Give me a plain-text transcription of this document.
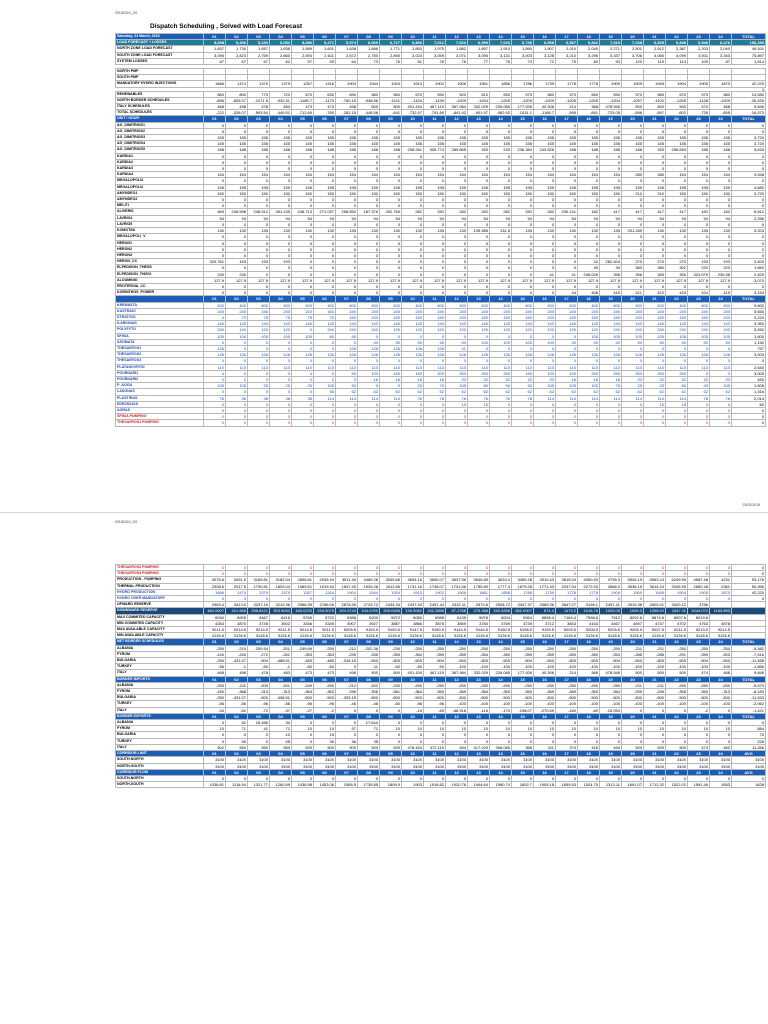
20180324_DS
Dispatch Scheduling , Solved with Load Forecast
Saturday, 24 March, 2018	01	02	03	04	05	06	07	08	09	10	11	12	13	14	15	16	17	18	19	20	21	22	23	24	TOTAL
LOAD FORECAST + LOSSES	5,698	5,406	5,153	5,052	5,080	5,271	5,574	6,009	6,727	6,850	7,012	7,020	6,999	7,026	6,736	6,598	6,567	6,842	7,015	7,238	6,925	6,848	6,548	6,476	156,289
NORTH ZONE LOAD FORECAST	1,837	1,730	1,657	1,636	1,589	1,601	1,638	1,686	1,771	1,853	1,975	1,882	1,897	1,910	1,890	1,907	2,010	2,045	2,271	2,501	2,512	2,387	2,203	2,040	46,511
SOUTH ZONE LOAD FORECAST	3,095	2,823	2,769	2,660	2,593	2,611	2,672	2,750	2,890	3,023	3,059	3,071	3,095	3,131	3,003	3,128	3,210	3,295	3,337	3,706	4,080	4,099	3,911	3,343	75,897
SYSTEM LOSSES	67	67	67	62	57	59	64	73	76	81	78	76	77	76	73	72	75	80	93	120	119	114	100	87	1,914

NORTH PMP																									
SOUTH PMP																									
MANDATORY HYDRO INJECTIONS	1666	1474	1379	1379	1267	1316	1904	1944	1924	1913	1902	1906	1961	1856	1786	1739	1778	1778	1909	1909	1949	1904	1905	1870	42,220
																									0
RENEWABLES	860	800	770	720	670	630	690	580	560	570	550	520	510	550	570	580	570	560	550	570	580	570	570	580	14,580
NORTH BORDER SCHEDULES	-896	-826.07	-1071.5	-932.51	-1185.7	-1170	-760.15	-948.56	-1141	-1104	-1199	-1209	-1204	-1209	-1209	-1209	-1209	-1209	-1204	-1097	-1102	-1209	-1128	-1209	-26,420
ITALY SCHEDULES	468	498	478	483	473	473	498	500	500	401.434	467.119	367.984	332.029	226.085	177.926	40.306	214	368	478.946	500	500	500	474	468	9,846
TOTAL SCHEDULES	-222	-328.07	-593.54	-449.51	-712.69	-765	-262.15	-448.56	-641	-732.57	-791.89	-841.92	-901.97	-982.92	-1031.1	-1168.7	-995	-841	-725.05	-596	-597	-602	-735	-655	-16,573
UNIT / HOUR	01	02	03	04	05	06	07	08	09	10	11	12	13	14	15	16	17	18	19	20	21	22	23	24	TOTAL
AG_DIMITRIOS1	0	0	0	0	0	0	0	0	0	0	0	0	0	0	0	0	0	0	0	0	0	0	0	0	0
AG_DIMITRIOS2	0	0	0	0	0	0	0	0	0	0	0	0	0	0	0	0	0	0	0	0	0	0	0	0	0
AG_DIMITRIOS3	155	155	155	155	155	155	155	155	155	155	155	155	155	155	155	155	155	155	155	155	155	155	155	155	3,720
AG_DIMITRIOS4	155	155	155	155	155	155	155	155	155	155	155	155	155	155	155	155	155	155	155	155	155	155	155	155	3,720
AG_DIMITRIOS5	188	188	188	188	188	188	188	188	188	298.261	305.774	289.665	333	233	236.384	243.526	188	188	188	188	333	296.694	188	188	5,633
KARDIA1	0	0	0	0	0	0	0	0	0	0	0	0	0	0	0	0	0	0	0	0	0	0	0	0	0
KARDIA2	0	0	0	0	0	0	0	0	0	0	0	0	0	0	0	0	0	0	0	0	0	0	0	0	0
KARDIA3	0	0	0	0	0	0	0	0	0	0	0	0	0	0	0	0	0	0	0	0	0	0	0	0	0
KARDIA4	154	154	154	154	154	154	154	154	154	154	154	154	154	154	154	154	154	154	154	280	280	154	154	154	3,948
MEGALOPOLI3	0	0	0	0	0	0	0	0	0	0	0	0	0	0	0	0	0	0	0	0	0	0	0	0	0
MEGALOPOLI4	195	195	195	195	195	195	195	195	195	195	195	195	195	195	195	195	195	195	195	195	195	195	195	195	4,680
AMYNDEO1	150	150	150	150	150	150	150	150	150	150	150	150	150	150	150	150	150	150	150	210	210	150	150	150	3,720
AMYNDEO2	0	0	0	0	0	0	0	0	0	0	0	0	0	0	0	0	0	0	0	0	0	0	0	0	0
MELITI	0	0	0	0	0	0	0	0	0	0	0	0	0	0	0	0	0	0	0	0	0	0	0	0	0
ALIVERIS	469	245.598	248.912	261.135	246.713	271.037	258.552	187.376	262.765	282	282	282	282	282	282	282	230.141	182	417	417	417	417	182	182	6,812
LAVRIO4	94	94	94	94	94	94	94	94	94	94	94	94	94	94	94	94	94	94	94	94	94	94	94	94	2,256
LAVRIO5	0	0	0	0	0	0	0	0	0	0	0	0	0	0	0	0	0	0	0	0	0	0	0	0	0
KOMOTINI	130	130	130	130	130	130	130	130	130	130	130	130	139.985	131.5	130	130	130	130	130	251.289	130	130	130	130	3,203
MEGALOPOLI_V	0	0	0	0	0	0	0	0	0	0	0	0	0	0	0	0	0	0	0	0	0	0	0	0	0
HERON1	0	0	0	0	0	0	0	0	0	0	0	0	0	0	0	0	0	0	0	0	0	0	0	0	0
HERON2	0	0	0	0	0	0	0	0	0	0	0	0	0	0	0	0	0	0	0	0	0	0	0	0	0
HERON3	0	0	0	0	0	0	0	0	0	0	0	0	0	0	0	0	0	0	0	0	0	0	0	0	0
HERON_CC	320.761	193	193	193	0	0	0	0	0	0	0	0	0	0	0	0	0	42	262.404	270	270	270	193	193	2,400
ELPEDISON_THESS	0	0	0	0	0	0	0	0	0	0	0	0	0	0	0	0	0	39	39	380	380	302	220	220	1,660
ELPEDISON_THISVI	230	230	0	0	0	0	0	0	0	0	0	0	0	0	0	41	41	246.028	398	396	283	300	323.579	235.38	2,929
ALOUMINIO	127.9	127.9	127.9	127.9	127.9	127.9	127.9	127.9	127.9	127.9	127.9	127.9	127.9	127.9	127.9	127.9	127.9	127.9	127.9	127.9	127.9	127.9	127.9	127.9	3,070
PROTERGIA_CC	0	0	0	0	0	0	0	0	0	0	0	0	0	0	0	0	0	0	0	0	0	0	0	0	0
KORINTHOS_POWER	0	0	0	0	0	0	0	0	0	0	0	0	0	0	0	0	44	408	415	421	422	423	424	415	3,154
	01	02	03	04	05	06	07	08	09	10	11	12	13	14	15	16	17	18	19	20	21	22	23	24	TOTAL
KREMASTA	400	400	400	400	400	400	400	400	400	400	400	400	400	400	400	400	400	400	400	400	400	400	400	400	9,600
KASTRAKI	240	240	240	240	210	160	240	240	240	240	240	240	240	240	240	240	240	240	240	240	240	240	240	240	5,650
STRATOS1	0	70	75	75	75	75	150	150	150	150	150	150	150	150	150	150	150	150	150	150	150	150	150	150	3,220
ILARIONAS	140	140	140	140	140	140	140	140	140	140	140	140	140	140	140	140	140	140	140	140	140	140	140	140	3,360
POLYFYTO	240	140	120	120	0	240	240	240	120	120	120	120	120	120	120	120	120	120	240	240	240	240	240	240	3,450
SFIKIA	105	105	105	105	105	80	80	0	0	0	0	0	0	0	0	0	0	105	105	105	105	105	105	105	1,600
ASOMATA	0	0	0	0	0	0	0	40	50	50	50	50	100	100	100	100	40	40	40	50	50	50	50	50	1,150
THESAVROS1	126	0	0	0	0	0	126	126	126	126	126	41	0	0	0	0	0	0	0	0	0	0	0	0	797
THESAVROS2	126	126	126	126	126	126	126	126	126	126	126	126	126	126	126	126	126	126	126	126	126	126	126	126	3,003
THESAVROS3	0	0	0	0	0	0	0	0	0	0	0	0	0	0	0	0	0	0	0	0	0	0	0	0	0
PLATANOVRYSI	110	110	110	110	110	110	110	110	110	110	110	110	110	110	110	110	110	110	110	110	110	110	110	110	2,640
POURNARI1	0	0	0	0	0	0	50	100	150	150	200	250	250	250	150	100	100	250	250	250	250	250	0	0	3,000
POURNARI2	0	0	0	0	0	0	0	16	16	16	16	32	32	32	32	32	16	16	16	32	32	32	32	32	450
P_AOOU	105	105	25	25	25	105	50	0	0	25	70	105	80	90	30	105	105	105	75	25	25	80	40	105	1,506
LADONAS	0	0	0	0	0	58	62	62	62	62	62	62	62	62	62	62	62	62	62	62	62	62	62	62	1,316
PLASTIRAS	76	38	38	38	38	114	114	114	114	76	76	76	76	76	76	114	114	114	114	114	114	114	76	76	2,014
EDESSAIOS	0	0	0	0	0	0	0	0	0	0	0	15	15	0	0	0	0	0	0	0	15	15	0	0	60
AGRAS	0	0	0	0	0	0	0	0	0	0	0	0	0	0	0	0	0	0	0	0	0	0	0	0	0
SFIKIA PUMPING	0	0	0	0	0	0	0	0	0	0	0	0	0	0	0	0	0	0	0	0	0	0	0	0	0
THESAVROS1 PUMPING	0	0	0	0	0	0	0	0	0	0	0	0	0	0	0	0	0	0	0	0	0	0	0	0	0
23/03/2018
20180324_DS
THESAVROS2 PUMPING	0	0	0	0	0	0	0	0	0	0	0	0	0	0	0	0	0	0	0	0	0	0	0	0	0
THESAVROS3 PUMPING	0	0	0	0	0	0	0	0	0	0	0	0	0	0	0	0	0	0	0	0	0	0	0	0	0
PRODUCTION - PUMPING	3076.6	3491.5	3169.81	3182.04	2856.61	2935.94	3511.45	3469.28	3535.66	3654.16	3650.07	3637.56	3646.89	3633.4	3465.28	3510.43	3815.04	4050.93	4795.3	5545.19	5563.24	5249.59	4587.48	4231	93,176
THERMAL PRODUCTION	2308.6	2017.5	1790.81	1803.04	1589.61	1619.94	1607.45	1526.28	1611.66	1741.16	1748.07	1731.56	1785.89	1777.4	1679.28	1771.43	2037.04	2272.93	2886.3	3636.19	3614.24	3345.59	2682.48	2361	50,956
HYDRO PRODUCTION	1666	1474	1379	1379	1267	1316	1904	1944	1924	1913	1902	1906	1861	1856	1786	1739	1778	1778	1909	1909	1949	1904	1905	1870	42,220
HYDRO OVER MANDATORY	0	0	0	0	0	0	0	0	0	0	0	0	0	0	0	0	0	0	0	0	0	0	0	0	0
UPWARD RESERVE	2963.4	3413.5	3297.19	3212.96	2966.39	2786.06	2876.55	2729.72	2434.34	2437.93	2497.44	2332.11	2570.6	2528.72	3347.37	3369.36	3847.07	3196.1	2497.41	2510.38	2825.01	3420.12	3786		
DOWNWARD RESERVE	462.0007	421.668	296.8121	303.9094	165.0233	234.9075	204.3743	134.0759	209.0496	130.5082	152.3858	67.2768	276.388	150.3256	652.0007	874.4	1173.2	1016.78	1025.05	1099.3	1098.02	1047.11	1044.072	1163.893	
MAX COMMITED CAPACITY	6040	6905	6467	6416	5765	5722	6388	6200	5972	6080	6088	6135	5978	6004	5964	6658.4	7184.4	7998.6	7912	8292.6	8874.6	8007.6	8019.6		
MIN COMMITED CAPACITY	4354	3870	3745	3502	3346	3349	3907	3927	3887	3866	3875	3859	3784	3769	3739	3712	3843	4163	4467	4697	4747	4702	4763	4878	
MAX AVAILABLE CAPACITY	9211.5	9214.5	9214.5	9211.5	9214.5	9211.5	9205.5	9153.5	9150.5	9147.5	9150.5	9144.5	9144.5	9150.5	9198.5	9199.5	9209.5	9205.5	9205.5	9205.5	9207.5	9211.5	9213.5	9214.5	
MIN AVAILABLE CAPACITY	3126.6	3126.6	3126.6	3126.6	3126.6	3126.6	3126.6	3126.6	3126.6	3126.6	3126.6	3126.6	3126.6	3126.6	3126.6	3126.6	3126.6	3126.6	3126.6	3126.6	3126.6	3126.6	3126.6	3126.6	
NET BORDER SCHEDULES	01	02	03	04	05	06	07	08	09	10	11	12	13	14	15	16	17	18	19	20	21	22	23	24	TOTAL
ALBANIA	-250	-219	-209.54	-201	-249.69	-250	-212	-202.36	-230	-250	-250	-250	-250	-250	-250	-250	-250	-250	-250	-211	-211	-250	-250	-250	-5,582
FYROM	-140	-240	-272	-261	-353	-353	-239	-335	-359	-354	-359	-359	-354	-359	-359	-359	-359	-359	-354	-285	-286	-291	-359	-303	-7,516
BULGARIA	-250	-431.07	-500	-488.51	-483	-485	-316.15	-500	-500	-500	-500	-500	-500	-500	-500	-500	-500	-500	-500	-500	-500	-500	-500	-500	-11,458
TURKEY	-56	-1	-60	-1	-60	-60	0	-11	-60	-60	-90	-100	-100	-100	-100	-100	-100	-100	-100	-100	-100	-100	-100	-100	-1,866
ITALY	468	498	478	483	473	473	498	500	500	401.434	467.119	367.984	332.029	226.085	177.926	40.306	214	368	478.946	500	500	500	474	468	9,846
BORDER IMPORTS	01	02	03	04	05	06	07	08	09	10	11	12	13	14	15	16	17	18	19	20	21	22	23	24	TOTAL
ALBANIA	-250	-211	-209	-201	-249	-250	-212	-202	-230	-250	-250	-250	-250	-250	-250	-250	-250	-250	-250	-211	-211	-250	-250	-250	-5,573
FYROM	-150	-388	-313	-313	-363	-363	-296	-306	-361	-364	-369	-369	-364	-369	-369	-369	-369	-369	-364	-295	-296	-355	-369	-313	-8,183
BULGARIA	-250	-431.07	-500	-498.51	-500	-500	-333.15	-500	-500	-500	-500	-500	-500	-500	-500	-500	-500	-500	-500	-500	-500	-500	-500	-500	-11,533
TURKEY	-56	-56	-96	-56	-96	-96	-46	-46	-60	-96	-96	-100	-100	-100	-100	-100	-100	-100	-100	-100	-100	-100	-100	-100	-2,062
ITALY	-34	-52	-72	-37	-27	-2	0	0	0	-15	-65	-66.916	-115	-170	-198.07	-270.69	-160	-60	-15.054	0	0	0	-2	0	-1,421
BORDER EXPORTS	01	02	03	04	05	06	07	08	09	10	11	12	13	14	15	16	17	18	19	20	21	22	23	24	TOTAL
ALBANIA	0	52	25.456	34	0	0	0	17.644	0	0	0	0	0	0	0	0	0	0	0	0	0	0	0	0	0
FYROM	10	71	41	71	10	10	57	71	10	10	10	10	10	10	10	10	10	10	10	10	10	10	10	10	684
BULGARIA	0	0	0	10	0	15	0	0	0	0	0	0	0	0	0	0	0	0	0	0	0	0	0	0	75
TURKEY	0	55	0	55	0	36	36	35	0	0	0	0	0	0	0	0	0	0	0	0	0	0	0	0	226
ITALY	502	550	550	550	500	500	500	500	500	476.434	472.119	454	417.029	396.085	368	311	374	418	494	500	500	500	474	482	11,266
CORRIDOR LIMIT	01	02	03	04	05	06	07	08	09	10	11	12	13	14	15	16	17	18	19	20	21	22	23	24	AVG
SOUTH-NORTH	3100	3100	3100	3100	3100	3100	3100	3100	3100	3100	3100	3100	3100	3100	3100	3100	3100	3100	3100	3100	3100	3100	3100	3100	3100
NORTH-SOUTH	3100	3100	3100	3100	3100	3100	3100	3100	3100	3100	3100	3100	3100	3100	3100	3100	3100	3100	3100	3100	3100	3100	3100	3100	3100
CORRIDOR FLOW	01	02	03	04	05	06	07	08	09	10	11	12	13	14	15	16	17	18	19	20	21	22	23	24	AVG
SOUTH-NORTH	0	0	0	0	0	0	0	0	0	0	0	0	0	0	0	0	0	0	0	0	0	0	0	0	0
NORTH-SOUTH	1038.81	1118.94	1321.77	1260.69	1438.98	1453.06	1566.5	1735.85	1809.9	1903	1918.82	1920.76	1944.64	1980.74	1892.7	1905.18	1659.53	1524.75	1313.11	1691.07	1712.32	1522.02	1591.46	1653	1628
